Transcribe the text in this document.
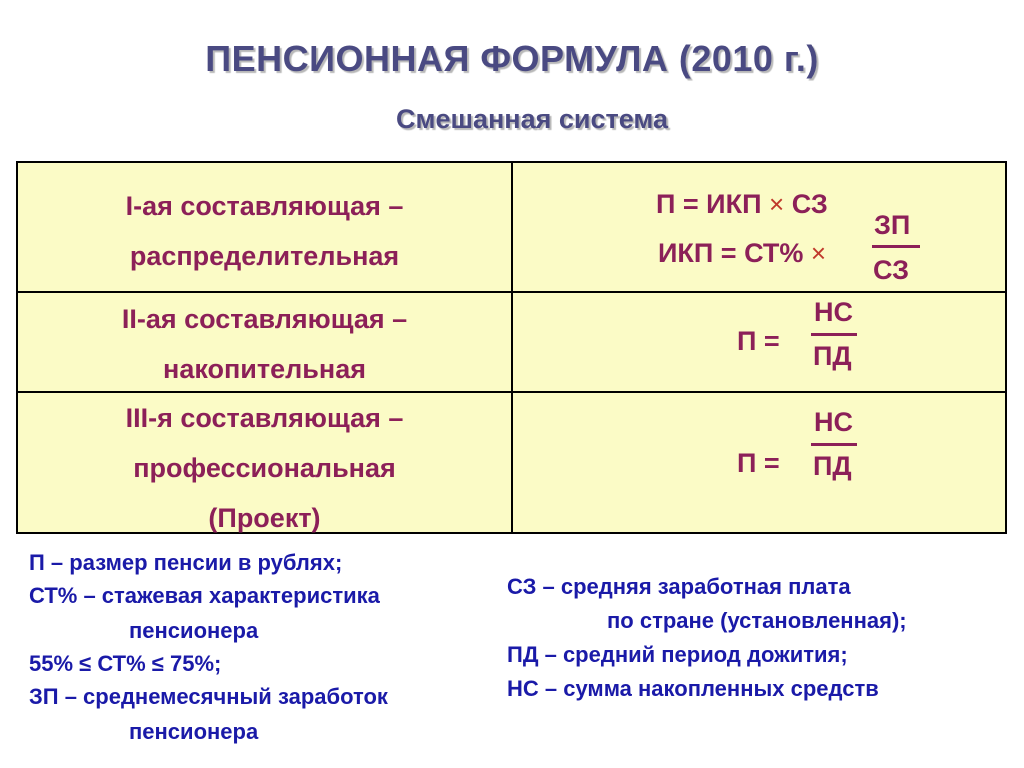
ПЕНСИОННАЯ ФОРМУЛА (2010 г.)
Смешанная система
I-ая составляющая –
распределительная
П = ИКП × СЗ
ИКП = СТ% ×
ЗП
СЗ
II-ая составляющая –
накопительная
П =
НС
ПД
III-я составляющая –
профессиональная
(Проект)
П =
НС
ПД
П – размер пенсии в рублях;
СТ% – стажевая характеристика
пенсионера
55% ≤ СТ% ≤ 75%;
ЗП – среднемесячный заработок
пенсионера
СЗ – средняя заработная плата
по стране (установленная);
ПД – средний период дожития;
НС – сумма накопленных средств
